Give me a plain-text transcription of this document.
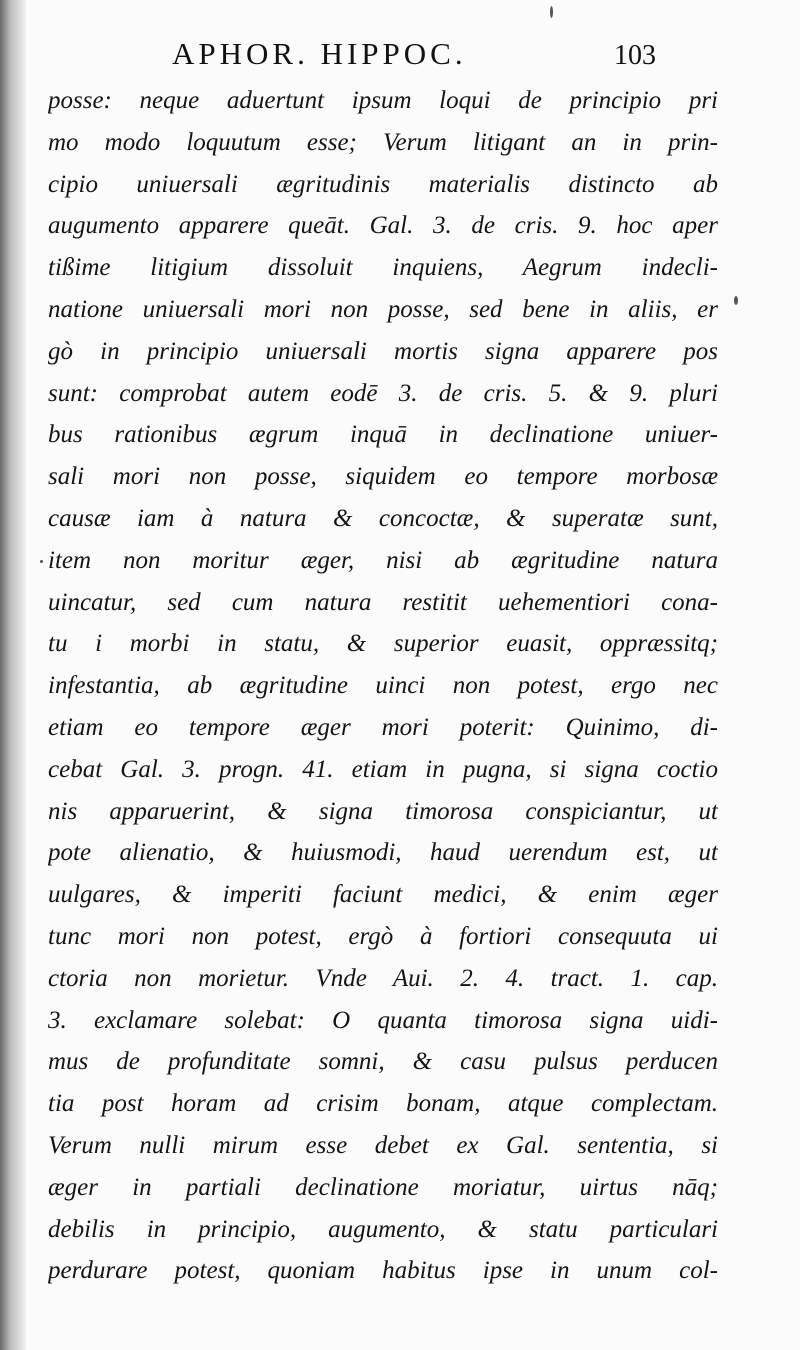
APHOR. HIPPOC.	103
posse: neque aduertunt ipsum loqui de principio pri
mo modo loquutum esse; Verum litigant an in prin-
cipio uniuersali ægritudinis materialis distincto ab
augumento apparere queāt. Gal. 3. de cris. 9. hoc aper
tißime litigium dissoluit inquiens, Aegrum indecli-
natione uniuersali mori non posse, sed bene in aliis, er
gò in principio uniuersali mortis signa apparere pos
sunt: comprobat autem eodē 3. de cris. 5. & 9. pluri
bus rationibus ægrum inquā in declinatione uniuer-
sali mori non posse, siquidem eo tempore morbosæ
causæ iam à natura & concoctæ, & superatæ sunt,
item non moritur æger, nisi ab ægritudine natura
uincatur, sed cum natura restitit uehementiori cona-
tu i morbi in statu, & superior euasit, oppræssitq;
infestantia, ab ægritudine uinci non potest, ergo nec
etiam eo tempore æger mori poterit: Quinimo, di-
cebat Gal. 3. progn. 41. etiam in pugna, si signa coctio
nis apparuerint, & signa timorosa conspiciantur, ut
pote alienatio, & huiusmodi, haud uerendum est, ut
uulgares, & imperiti faciunt medici, & enim æger
tunc mori non potest, ergò à fortiori consequuta ui
ctoria non morietur. Vnde Aui. 2. 4. tract. 1. cap.
3. exclamare solebat: O quanta timorosa signa uidi-
mus de profunditate somni, & casu pulsus perducen
tia post horam ad crisim bonam, atque complectam.
Verum nulli mirum esse debet ex Gal. sententia, si
æger in partiali declinatione moriatur, uirtus nāq;
debilis in principio, augumento, & statu particulari
perdurare potest, quoniam habitus ipse in unum col-
